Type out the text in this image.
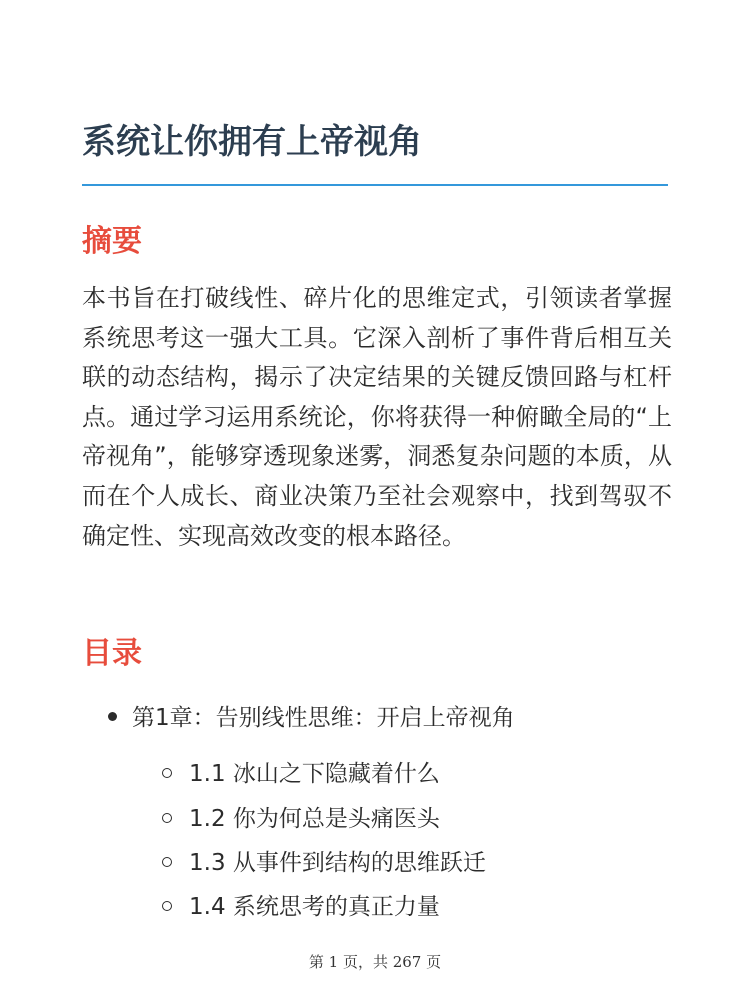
系统让你拥有上帝视角
摘要

本书旨在打破线性、碎片化的思维定式，引领读者掌握系统思考这一强大工具。它深入剖析了事件背后相互关联的动态结构，揭示了决定结果的关键反馈回路与杠杆点。通过学习运用系统论，你将获得一种俯瞰全局的“上帝视角”，能够穿透现象迷雾，洞悉复杂问题的本质，从而在个人成长、商业决策乃至社会观察中，找到驾驭不确定性、实现高效改变的根本路径。

目录
第1章：告别线性思维：开启上帝视角
1.1 冰山之下隐藏着什么
1.2 你为何总是头痛医头
1.3 从事件到结构的思维跃迁
1.4 系统思考的真正力量
第 1 页，共 267 页
